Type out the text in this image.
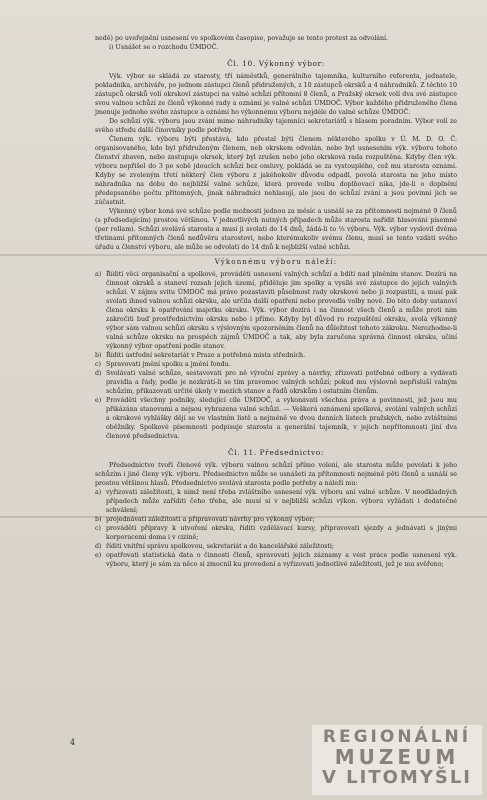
nedě) po uveřejnění usnesení ve spolkovém časopise, považuje se tento protest za odvolání.

i) Usnášet se o rozchodu ÚMDOČ.

Čl. 10. Výkonný výbor:

Výk. výbor se skládá ze starosty, tří náměstků, generálního tajemníka, kulturního referenta, jednatele, pokladníka, archiváře, po jednom zástupci členů přidružených, z 10 zástupců okrsků a 4 náhradníků. Z těchto 10 zástupců okrsků volí okrskoví zástupci na valné schůzi přítomní 8 členů, a Pražský okrsek volí dva své zástupce svou valnou schůzí ze členů výkonné rady a oznámí je valné schůzi ÚMDOČ. Výbor každého přidruženého člena jmenuje jednoho svého zástupce a oznámí ho výkonnému výboru nejdéle do valné schůze ÚMDOČ.

Do schůzí výk. výboru jsou zváni mimo náhradníky tajemníci sekretariátů s hlasem poradním. Výbor volí ze svého středu další činovníky podle potřeby.

Členem výk. výboru býti přestává, kdo přestal býti členem některého spolku v Ú. M. D. O. Č. organisovaného, kdo byl přidruženým členem, neb okrskem odvolán, nebo byl usnesením výk. výboru tohoto členství zbaven, nebo zastupuje okrsek, který byl zrušen nebo jeho okrsková rada rozpuštěna. Kdyby člen výk. výboru nepřišel do 3 po sobě jdoucích schůzí bez omluvy, pokládá se za vystouplého, což mu starosta oznámí. Kdyby se zvoleným třetí některý člen výboru z jakéhokoliv důvodu odpadl, povolá starosta na jeho místo náhradníka na dobu do nejbližší valné schůze, která provede volbu doplňovací nika, jde-li o doplnění předepsaného počtu přítomných, jinak náhradníci nehlasují, ale jsou do schůzí zváni a jsou povinni jich se zúčastnit.

Výkonný výbor koná své schůze podle možnosti jednou za měsíc a usnáší se za přítomnosti nejméně 9 členů (s předsedajícím) prostou většinou. V jednotlivých nutných případech může starosta nařídit hlasování písemné (per rollam). Schůzi svolává starosta a musí ji svolati do 14 dnů, žádá-li to ⅓ výboru. Výk. výbor vyslovil dvěma třetinami přítomných členů nedůvěru starostovi, nebo kterémukoliv svému členu, musí se tento vzdáti svého úřadu a členství výboru, ale může se odvolati do 14 dnů k nejbližší valné schůzi.

Výkonnému výboru náleží:
a) Říditi věci organisační a spolkové, prováděti usnesení valných schůzí a bdíti nad plněním stanov. Dozírá na činnost okrsků a stanoví rozsah jejich území, přiděluje jim spolky a vysílá své zástupce do jejich valných schůzí. V zájmu svitu ÚMDOČ má právo pozastaviti působnost rady okrskové nebo ji rozpustiti, a musí pak svolati ihned valnou schůzi okrsku, ale určila další opatření nebo provedla volby nové. Do této doby ustanoví člena okrsku k opatřování majetku okrsku. Výk. výbor dozírá i na činnost všech členů a může proti nim zakročiti buď prostřednictvím okrsku nebo i přímo. Kdyby byl důvod ro rozpuštění okrsku, svolá výkonný výbor sám valnou schůzi okrsku s výslovným upozorněním členů na důležitost tohoto zákroku. Nerozhodne-li valná schůze okrsku na prospěch zájmů ÚMDOČ a tak, aby byla zaručena správná činnost okrsku, učiní výkonný výbor opatření podle stanov.
b) Říditi ústřední sekretariát v Praze a potřebná místa středních.
c) Spravovati jmění spolku a jmění fondu.
d) Svolávati valné schůze, sestavovati pro ně výroční zprávy a návrhy, zřizovati potřebné odbory a vydávati pravidla a řády, podle je nezkrátí-li se tím pravomoc valných schůzí; pokud mu výslovně nepřísluší valným schůzím, přikazovati určité úkoly v mezích stanov a řádů okrskům i ostatním členům.
e) Prováděti všechny podniky, sledující cíle ÚMDOČ, a vykonávati všechna práva a povinnosti, jež jsou mu přikázána stanovami a nejsou vyhrazena valné schůzi. — Veškerá oznámení spolková, svolání valných schůzí a okrskové vyhlášky dějí se ve vlastním listě a nejméně ve dvou denních listech pražských, nebo zvláštními oběžníky. Spolkové písemnosti podpisuje starosta a generální tajemník, v jejich nepřítomnosti jiní dva členové předsednictva.
Čl. 11. Předsednictvo:

Předsednictvo tvoří členové výk. výboru valnou schůzí přímo volení, ale starosta může povolati k jeho schůzím i jiné členy výk. výboru. Předsednictvo může se usnášeti za přítomnosti nejméně pěti členů a usnáší se prostou většinou hlasů. Předsednictvo svolává starosta podle potřeby a náleží mu:

a) vyřizovati záležitosti, k nimž není třeba zvláštního usnesení výk. výboru ani valné schůze. V neodkladných případech může zaříditi čeho třeba, ale musí si v nejbližší schůzi výkon. výboru vyžádati i dodatečné schválení;
b) projednávati záležitosti a připravovati návrhy pro výkonný výbor;
c) prováděti přípravy k utvoření okrsku, říditi vzdělávací kursy, připravovati sjezdy a jednávati s jinými korporacemi doma i v cizině;
d) říditi vnitřní správu spolkovou, sekretariát a do kancelářské záležitosti;
e) opatřovati statistická data o činnosti členů, spravovati jejich záznamy a vést práce podle usnesení výk. výboru, který je sám za něco si zmocnil ku provedení a vyřizovati jednotlivé záležitosti, jež je mu svěřeno;
4	REGIONÁLNÍ
MUZEUM
V LITOMYŠLI
